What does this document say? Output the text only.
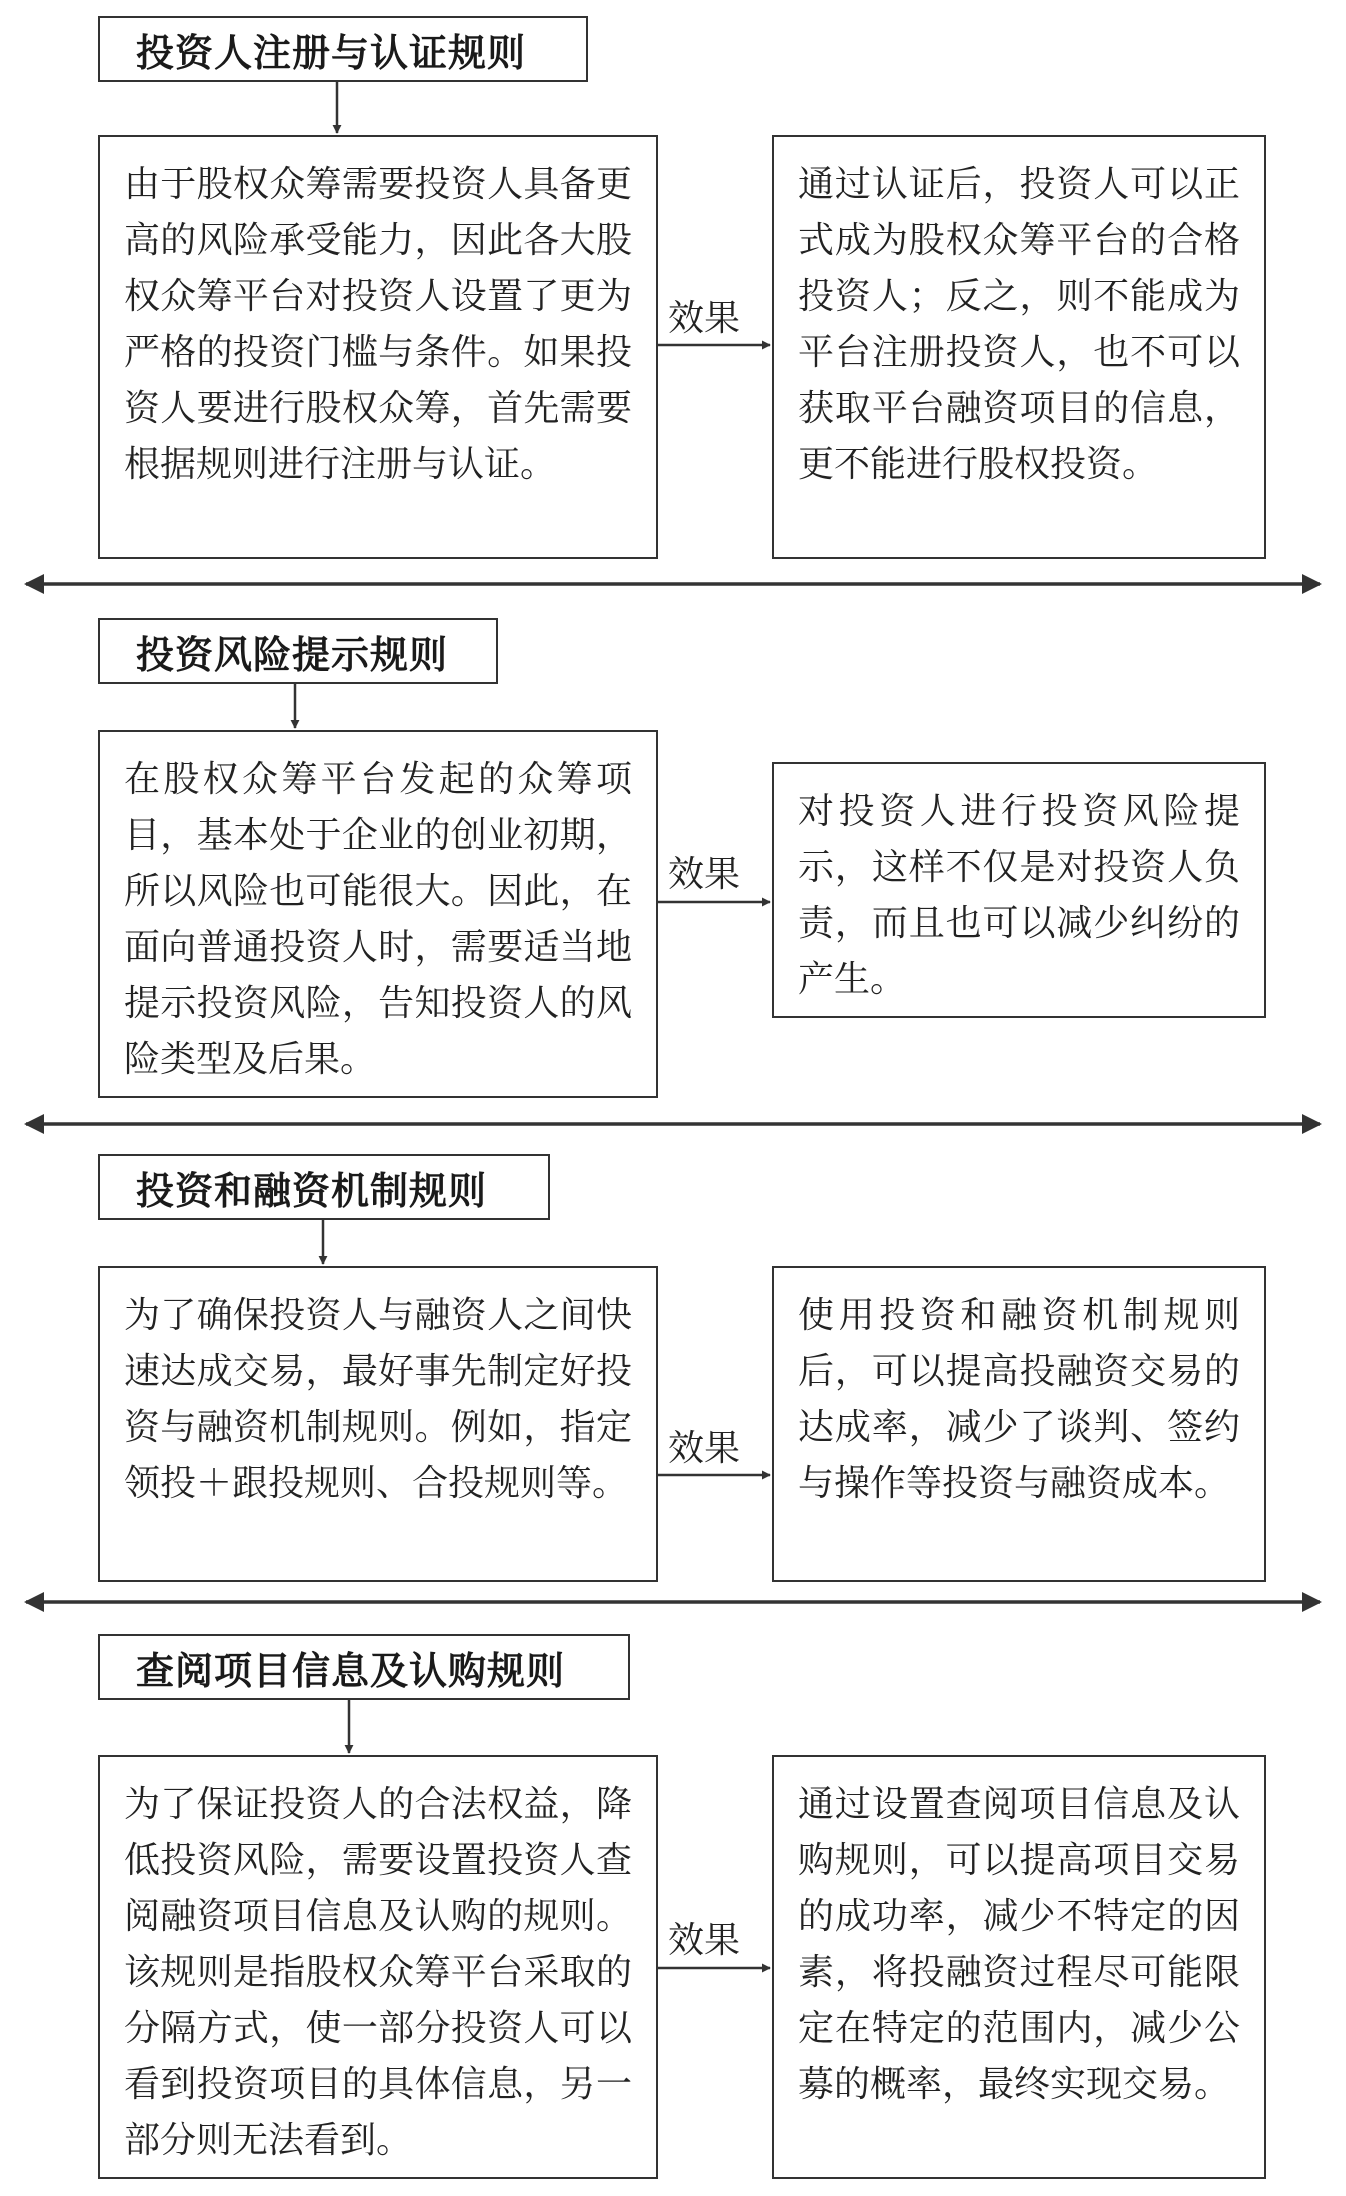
投资人注册与认证规则
由于股权众筹需要投资人具备更高的风险承受能力，因此各大股权众筹平台对投资人设置了更为严格的投资门槛与条件。如果投资人要进行股权众筹，首先需要根据规则进行注册与认证。
效果
通过认证后，投资人可以正式成为股权众筹平台的合格投资人；反之，则不能成为平台注册投资人，也不可以获取平台融资项目的信息，更不能进行股权投资。
投资风险提示规则
在股权众筹平台发起的众筹项目，基本处于企业的创业初期，所以风险也可能很大。因此，在面向普通投资人时，需要适当地提示投资风险，告知投资人的风险类型及后果。
效果
对投资人进行投资风险提示，这样不仅是对投资人负责，而且也可以减少纠纷的产生。
投资和融资机制规则
为了确保投资人与融资人之间快速达成交易，最好事先制定好投资与融资机制规则。例如，指定领投＋跟投规则、合投规则等。
效果
使用投资和融资机制规则后，可以提高投融资交易的达成率，减少了谈判、签约与操作等投资与融资成本。
查阅项目信息及认购规则
为了保证投资人的合法权益，降低投资风险，需要设置投资人查阅融资项目信息及认购的规则。该规则是指股权众筹平台采取的分隔方式，使一部分投资人可以看到投资项目的具体信息，另一部分则无法看到。
效果
通过设置查阅项目信息及认购规则，可以提高项目交易的成功率，减少不特定的因素，将投融资过程尽可能限定在特定的范围内，减少公募的概率，最终实现交易。
